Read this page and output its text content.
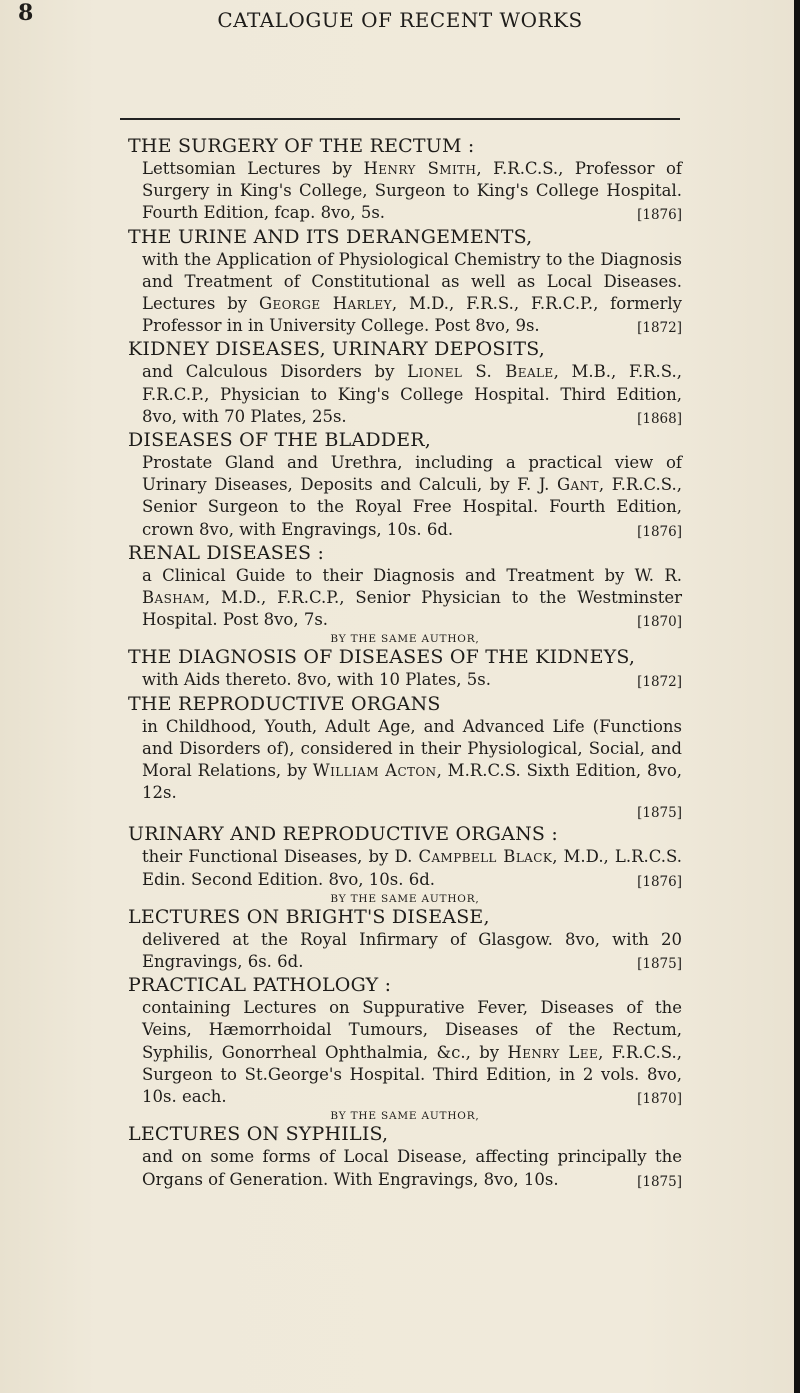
8	CATALOGUE OF RECENT WORKS
THE SURGERY OF THE RECTUM :
Lettsomian Lectures by Henry Smith, F.R.C.S., Professor of Surgery in King's College, Surgeon to King's College Hospital. Fourth Edition, fcap. 8vo, 5s.	[1876]
THE URINE AND ITS DERANGEMENTS,
with the Application of Physiological Chemistry to the Diagnosis and Treatment of Constitutional as well as Local Diseases. Lectures by George Harley, M.D., F.R.S., F.R.C.P., formerly Professor in in University College. Post 8vo, 9s.	[1872]
KIDNEY DISEASES, URINARY DEPOSITS,
and Calculous Disorders by Lionel S. Beale, M.B., F.R.S., F.R.C.P., Physician to King's College Hospital. Third Edition, 8vo, with 70 Plates, 25s.	[1868]
DISEASES OF THE BLADDER,
Prostate Gland and Urethra, including a practical view of Urinary Diseases, Deposits and Calculi, by F. J. Gant, F.R.C.S., Senior Surgeon to the Royal Free Hospital. Fourth Edition, crown 8vo, with Engravings, 10s. 6d.	[1876]
RENAL DISEASES :
a Clinical Guide to their Diagnosis and Treatment by W. R. Basham, M.D., F.R.C.P., Senior Physician to the Westminster Hospital. Post 8vo, 7s.	[1870]
BY THE SAME AUTHOR,
THE DIAGNOSIS OF DISEASES OF THE KIDNEYS,
with Aids thereto. 8vo, with 10 Plates, 5s.	[1872]
THE REPRODUCTIVE ORGANS
in Childhood, Youth, Adult Age, and Advanced Life (Functions and Disorders of), considered in their Physiological, Social, and Moral Relations, by William Acton, M.R.C.S. Sixth Edition, 8vo, 12s.
[1875]
URINARY AND REPRODUCTIVE ORGANS :
their Functional Diseases, by D. Campbell Black, M.D., L.R.C.S. Edin. Second Edition. 8vo, 10s. 6d.	[1876]
BY THE SAME AUTHOR,
LECTURES ON BRIGHT'S DISEASE,
delivered at the Royal Infirmary of Glasgow. 8vo, with 20 Engravings, 6s. 6d.	[1875]
PRACTICAL PATHOLOGY :
containing Lectures on Suppurative Fever, Diseases of the Veins, Hæmorrhoidal Tumours, Diseases of the Rectum, Syphilis, Gonorrheal Ophthalmia, &c., by Henry Lee, F.R.C.S., Surgeon to St.George's Hospital. Third Edition, in 2 vols. 8vo, 10s. each.	[1870]
BY THE SAME AUTHOR,
LECTURES ON SYPHILIS,
and on some forms of Local Disease, affecting principally the Organs of Generation. With Engravings, 8vo, 10s.	[1875]
